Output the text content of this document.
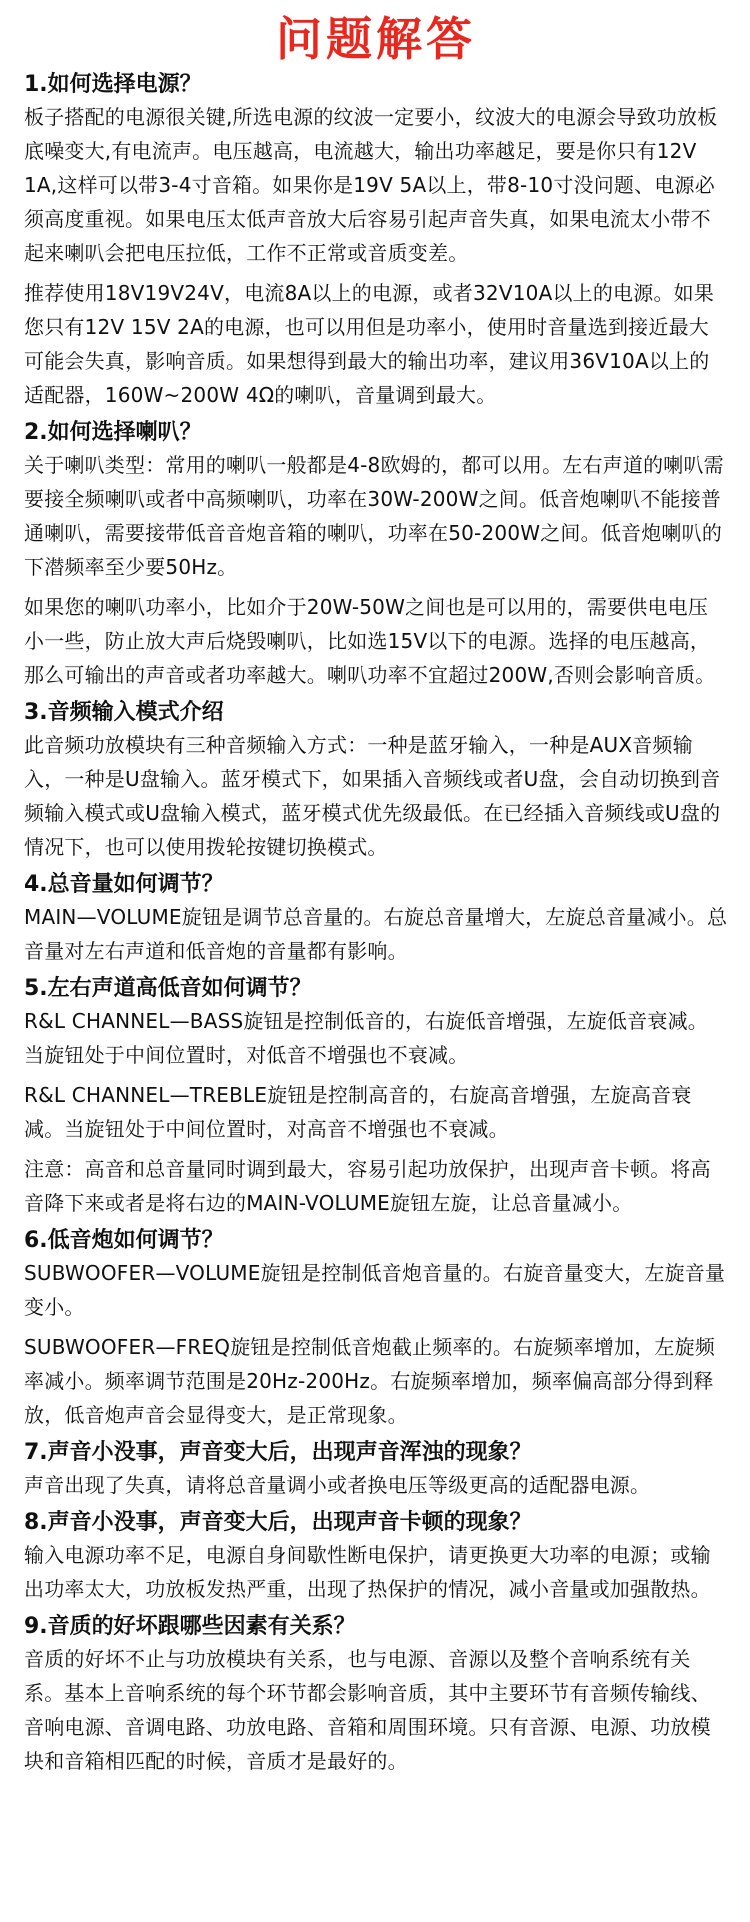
问题解答
1.如何选择电源？

板子搭配的电源很关键,所选电源的纹波一定要小，纹波大的电源会导致功放板底噪变大,有电流声。电压越高，电流越大，输出功率越足，要是你只有12V 1A,这样可以带3-4寸音箱。如果你是19V 5A以上，带8-10寸没问题、电源必须高度重视。如果电压太低声音放大后容易引起声音失真，如果电流太小带不起来喇叭会把电压拉低，工作不正常或音质变差。

推荐使用18V19V24V，电流8A以上的电源，或者32V10A以上的电源。如果您只有12V 15V 2A的电源，也可以用但是功率小，使用时音量选到接近最大可能会失真，影响音质。如果想得到最大的输出功率，建议用36V10A以上的适配器，160W~200W 4Ω的喇叭，音量调到最大。

2.如何选择喇叭？

关于喇叭类型：常用的喇叭一般都是4-8欧姆的，都可以用。左右声道的喇叭需要接全频喇叭或者中高频喇叭，功率在30W-200W之间。低音炮喇叭不能接普通喇叭，需要接带低音音炮音箱的喇叭，功率在50-200W之间。低音炮喇叭的下潜频率至少要50Hz。

如果您的喇叭功率小，比如介于20W-50W之间也是可以用的，需要供电电压小一些，防止放大声后烧毁喇叭，比如选15V以下的电源。选择的电压越高，那么可输出的声音或者功率越大。喇叭功率不宜超过200W,否则会影响音质。

3.音频输入模式介绍

此音频功放模块有三种音频输入方式：一种是蓝牙输入，一种是AUX音频输入，一种是U盘输入。蓝牙模式下，如果插入音频线或者U盘，会自动切换到音频输入模式或U盘输入模式，蓝牙模式优先级最低。在已经插入音频线或U盘的情况下，也可以使用拨轮按键切换模式。

4.总音量如何调节？

MAIN—VOLUME旋钮是调节总音量的。右旋总音量增大，左旋总音量减小。总音量对左右声道和低音炮的音量都有影响。

5.左右声道高低音如何调节？

R&L CHANNEL—BASS旋钮是控制低音的，右旋低音增强，左旋低音衰减。当旋钮处于中间位置时，对低音不增强也不衰减。

R&L CHANNEL—TREBLE旋钮是控制高音的，右旋高音增强，左旋高音衰减。当旋钮处于中间位置时，对高音不增强也不衰减。

注意：高音和总音量同时调到最大，容易引起功放保护，出现声音卡顿。将高音降下来或者是将右边的MAIN-VOLUME旋钮左旋，让总音量减小。

6.低音炮如何调节？

SUBWOOFER—VOLUME旋钮是控制低音炮音量的。右旋音量变大，左旋音量变小。

SUBWOOFER—FREQ旋钮是控制低音炮截止频率的。右旋频率增加，左旋频率减小。频率调节范围是20Hz-200Hz。右旋频率增加，频率偏高部分得到释放，低音炮声音会显得变大，是正常现象。

7.声音小没事，声音变大后，出现声音浑浊的现象？

声音出现了失真，请将总音量调小或者换电压等级更高的适配器电源。

8.声音小没事，声音变大后，出现声音卡顿的现象？

输入电源功率不足，电源自身间歇性断电保护，请更换更大功率的电源；或输出功率太大，功放板发热严重，出现了热保护的情况，减小音量或加强散热。

9.音质的好坏跟哪些因素有关系？

音质的好坏不止与功放模块有关系，也与电源、音源以及整个音响系统有关系。基本上音响系统的每个环节都会影响音质，其中主要环节有音频传输线、音响电源、音调电路、功放电路、音箱和周围环境。只有音源、电源、功放模块和音箱相匹配的时候，音质才是最好的。
